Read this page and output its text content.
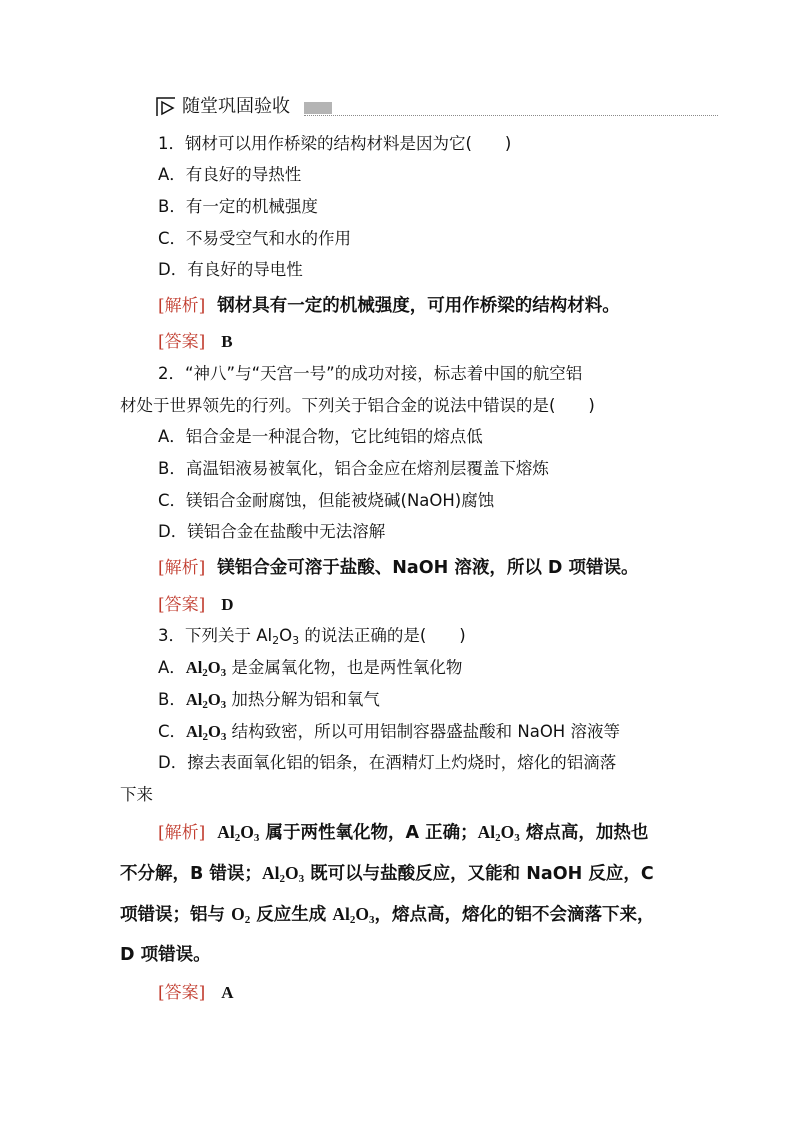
随堂巩固验收
1．钢材可以用作桥梁的结构材料是因为它(　　)
A．有良好的导热性
B．有一定的机械强度
C．不易受空气和水的作用
D．有良好的导电性
[解析] 钢材具有一定的机械强度，可用作桥梁的结构材料。
[答案] B
2．“神八”与“天宫一号”的成功对接，标志着中国的航空铝
材处于世界领先的行列。下列关于铝合金的说法中错误的是(　　)
A．铝合金是一种混合物，它比纯铝的熔点低
B．高温铝液易被氧化，铝合金应在熔剂层覆盖下熔炼
C．镁铝合金耐腐蚀，但能被烧碱(NaOH)腐蚀
D．镁铝合金在盐酸中无法溶解
[解析] 镁铝合金可溶于盐酸、NaOH 溶液，所以 D 项错误。
[答案] D
3．下列关于 $Al_2O_3$ 的说法正确的是(　　)
A．$Al_2O_3$ 是金属氧化物，也是两性氧化物
B．$Al_2O_3$ 加热分解为铝和氧气
C．$Al_2O_3$ 结构致密，所以可用铝制容器盛盐酸和 NaOH 溶液等
D．擦去表面氧化铝的铝条，在酒精灯上灼烧时，熔化的铝滴落
下来
[解析] $Al_2O_3$ 属于两性氧化物，A 正确；$Al_2O_3$ 熔点高，加热也
不分解，B 错误；$Al_2O_3$ 既可以与盐酸反应，又能和 NaOH 反应，C
项错误；铝与 $O_2$ 反应生成 $Al_2O_3$，熔点高，熔化的铝不会滴落下来，
D 项错误。
[答案] A
